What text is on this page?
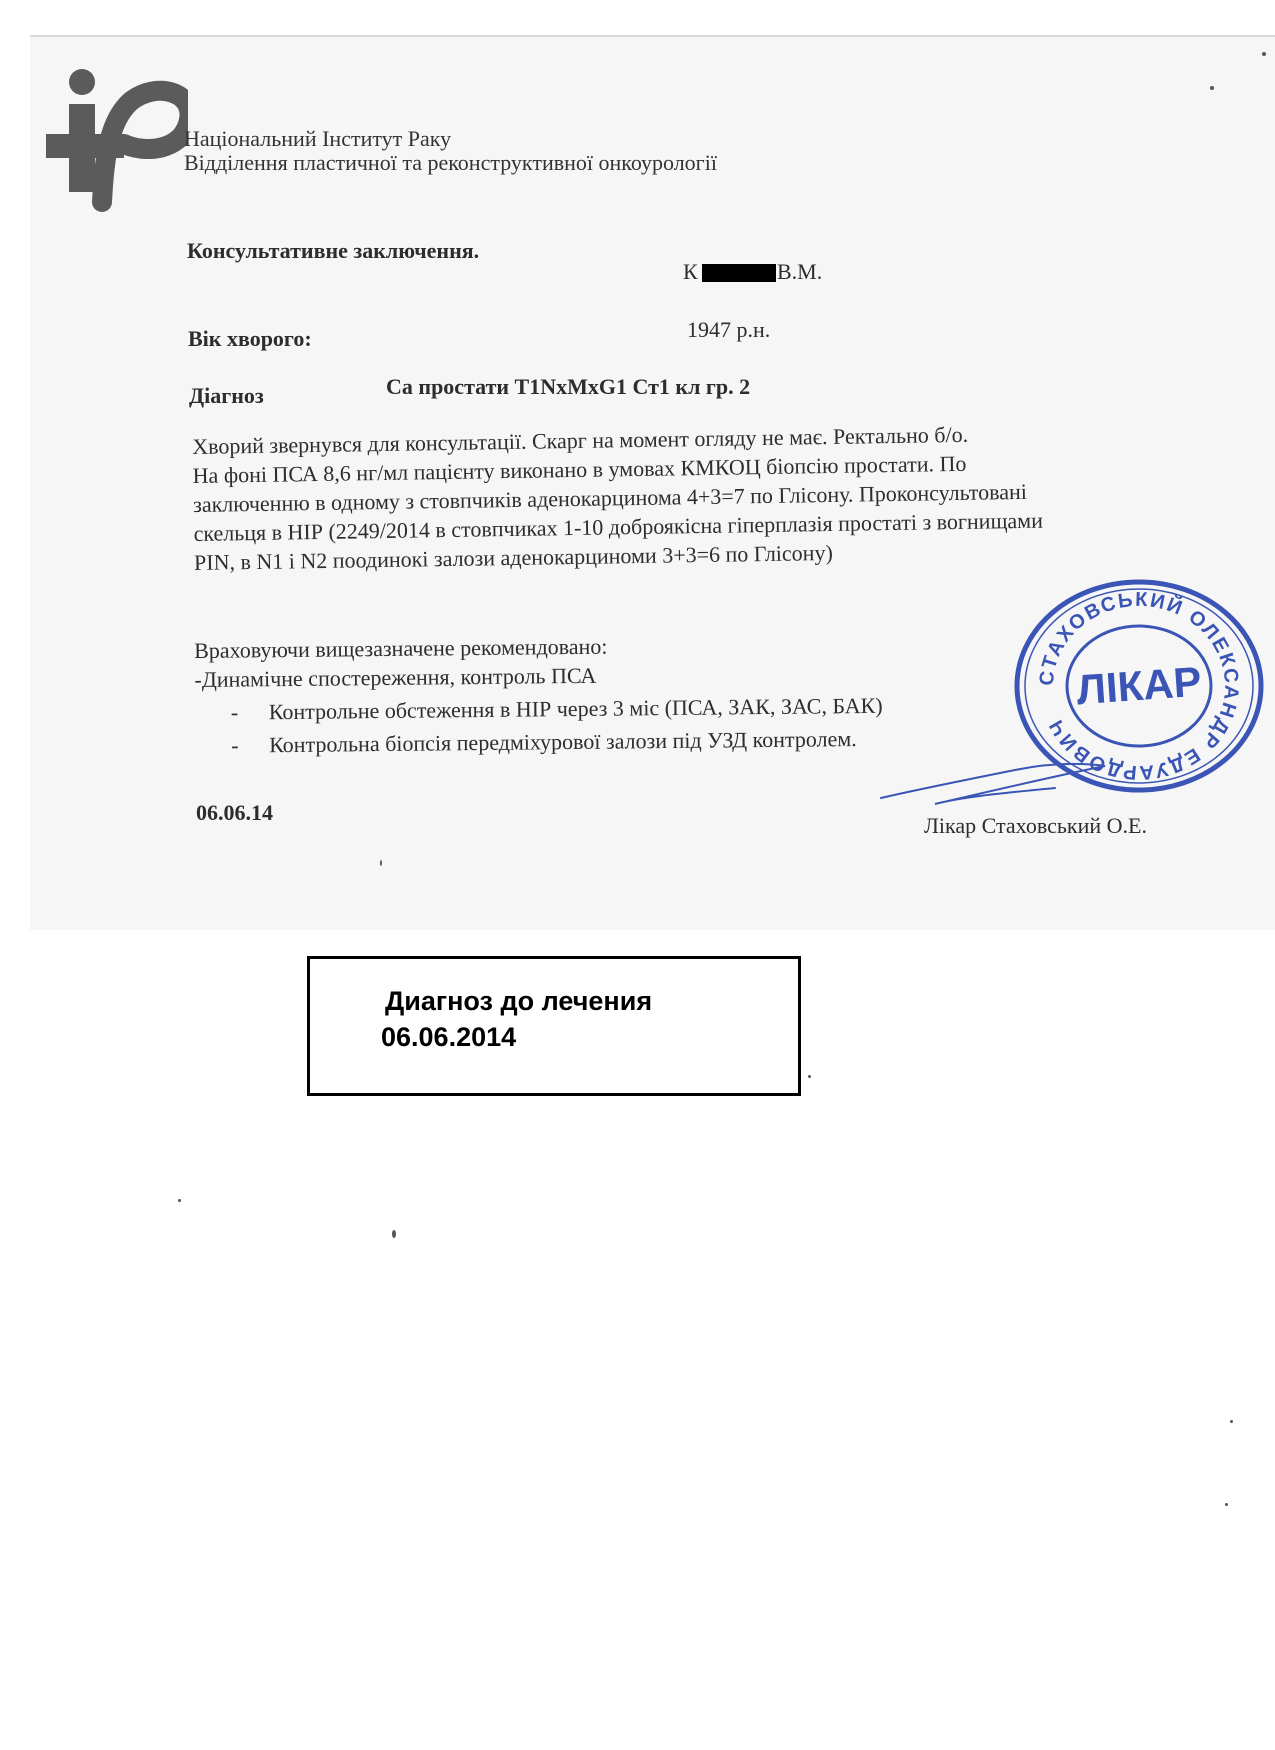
Національний Інститут Раку
Відділення пластичної та реконструктивної онкоурології
Консультативне заключення.
К	В.М.
Вік хворого:	1947 р.н.
Діагноз	Са простати T1NxMxG1 Ст1 кл гр. 2
Хворий звернувся для консультації. Скарг на момент огляду не має. Ректально б/о.
На фоні ПСА 8,6 нг/мл пацієнту виконано в умовах КМКОЦ біопсію простати. По
заключенню в одному з стовпчиків аденокарцинома 4+3=7 по Глісону. Проконсультовані
скельця в НІР (2249/2014 в стовпчиках 1-10 доброякісна гіперплазія простаті з вогнищами
PIN, в N1 і N2 поодинокі залози аденокарциноми 3+3=6 по Глісону)
Враховуючи вищезазначене рекомендовано:
-Динамічне спостереження, контроль ПСА
- Контрольне обстеження в НІР через 3 міс (ПСА, ЗАК, ЗАС, БАК)
- Контрольна біопсія передміхурової залози під УЗД контролем.
06.06.14
Лікар Стаховський О.Е.
СТАХОВСЬКИЙ ОЛЕКСАНДР ЕДУАРДОВИЧ
ЛІКАР
Диагноз до лечения
06.06.2014
